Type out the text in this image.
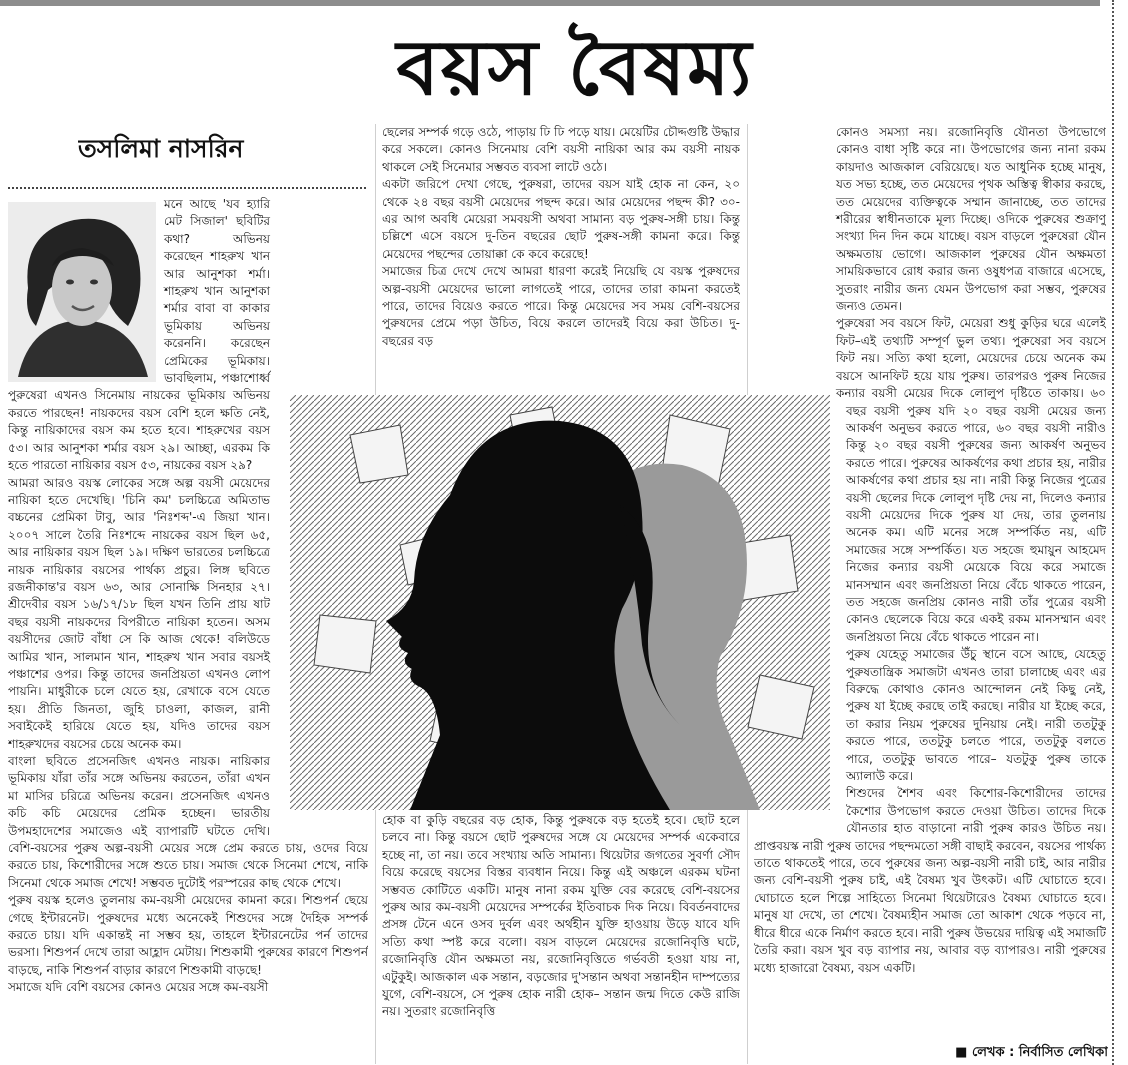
বয়স বৈষম্য
তসলিমা নাসরিন

মনে আছে 'যব হ্যারি মেট সিজাল' ছবিটির কথা? অভিনয় করেছেন শাহরুখ খান আর আনুশকা শর্মা। শাহরুখ খান আনুশকা শর্মার বাবা বা কাকার ভূমিকায় অভিনয় করেননি। করেছেন প্রেমিকের ভূমিকায়। ভাবছিলাম, পঞ্চাশোর্ধ্ব পুরুষেরা এখনও সিনেমায় নায়কের ভূমিকায় অভিনয় করতে পারছেন! নায়কদের বয়স বেশি হলে ক্ষতি নেই, কিন্তু নায়িকাদের বয়স কম হতে হবে। শাহরুখের বয়স ৫৩। আর আনুশকা শর্মার বয়স ২৯। আচ্ছা, এরকম কি হতে পারতো নায়িকার বয়স ৫৩, নায়কের বয়স ২৯?

আমরা আরও বয়স্ক লোকের সঙ্গে অল্প বয়সী মেয়েদের নায়িকা হতে দেখেছি। 'চিনি কম' চলচ্চিত্রে অমিতাভ বচ্চনের প্রেমিকা টাবু, আর 'নিঃশব্দ'-এ জিয়া খান। ২০০৭ সালে তৈরি নিঃশব্দে নায়কের বয়স ছিল ৬৫, আর নায়িকার বয়স ছিল ১৯। দক্ষিণ ভারতের চলচ্চিত্রে নায়ক নায়িকার বয়সের পার্থক্য প্রচুর। লিঙ্গ ছবিতে রজনীকান্ত'র বয়স ৬৩, আর সোনাক্ষি সিনহার ২৭। শ্রীদেবীর বয়স ১৬/১৭/১৮ ছিল যখন তিনি প্রায় ষাট বছর বয়সী নায়কদের বিপরীতে নায়িকা হতেন। অসম বয়সীদের জোট বাঁধা সে কি আজ থেকে! বলিউডে আমির খান, সালমান খান, শাহরুখ খান সবার বয়সই পঞ্চাশের ওপর। কিন্তু তাদের জনপ্রিয়তা এখনও লোপ পায়নি। মাধুরীকে চলে যেতে হয়, রেখাকে বসে যেতে হয়। প্রীতি জিনতা, জুহি চাওলা, কাজল, রানী সবাইকেই হারিয়ে যেতে হয়, যদিও তাদের বয়স শাহরুখদের বয়সের চেয়ে অনেক কম।

বাংলা ছবিতে প্রসেনজিৎ এখনও নায়ক। নায়িকার ভূমিকায় যাঁরা তাঁর সঙ্গে অভিনয় করতেন, তাঁরা এখন মা মাসির চরিত্রে অভিনয় করেন। প্রসেনজিৎ এখনও কচি কচি মেয়েদের প্রেমিক হচ্ছেন। ভারতীয় উপমহাদেশের সমাজেও এই ব্যাপারটি ঘটতে দেখি। বেশি-বয়সের পুরুষ অল্প-বয়সী মেয়ের সঙ্গে প্রেম করতে চায়, ওদের বিয়ে করতে চায়, কিশোরীদের সঙ্গে শুতে চায়। সমাজ থেকে সিনেমা শেখে, নাকি সিনেমা থেকে সমাজ শেখে! সম্ভবত দুটোই পরস্পরের কাছ থেকে শেখে।

পুরুষ বয়স্ক হলেও তুলনায় কম-বয়সী মেয়েদের কামনা করে। শিশুপর্ন ছেয়ে গেছে ইন্টারনেট। পুরুষদের মধ্যে অনেকেই শিশুদের সঙ্গে দৈহিক সম্পর্ক করতে চায়। যদি একান্তই না সম্ভব হয়, তাহলে ইন্টারনেটের পর্ন তাদের ভরসা। শিশুপর্ন দেখে তারা আহ্লাদ মেটায়। শিশুকামী পুরুষের কারণে শিশুপর্ন বাড়ছে, নাকি শিশুপর্ন বাড়ার কারণে শিশুকামী বাড়ছে!

সমাজে যদি বেশি বয়সের কোনও মেয়ের সঙ্গে কম-বয়সী

ছেলের সম্পর্ক গড়ে ওঠে, পাড়ায় ঢি ঢি পড়ে যায়। মেয়েটির চৌদ্দগুষ্টি উদ্ধার করে সকলে। কোনও সিনেমায় বেশি বয়সী নায়িকা আর কম বয়সী নায়ক থাকলে সেই সিনেমার সম্ভবত ব্যবসা লাটে ওঠে।

একটা জরিপে দেখা গেছে, পুরুষরা, তাদের বয়স যাই হোক না কেন, ২০ থেকে ২৪ বছর বয়সী মেয়েদের পছন্দ করে। আর মেয়েদের পছন্দ কী? ৩০-এর আগ অবধি মেয়েরা সমবয়সী অথবা সামান্য বড় পুরুষ-সঙ্গী চায়। কিন্তু চল্লিশে এসে বয়সে দু-তিন বছরের ছোট পুরুষ-সঙ্গী কামনা করে। কিন্তু মেয়েদের পছন্দের তোয়াক্কা কে কবে করেছে!

সমাজের চিত্র দেখে দেখে আমরা ধারণা করেই নিয়েছি যে বয়স্ক পুরুষদের অল্প-বয়সী মেয়েদের ভালো লাগতেই পারে, তাদের তারা কামনা করতেই পারে, তাদের বিয়েও করতে পারে। কিন্তু মেয়েদের সব সময় বেশি-বয়সের পুরুষদের প্রেমে পড়া উচিত, বিয়ে করলে তাদেরই বিয়ে করা উচিত। দু-বছরের বড়

হোক বা কুড়ি বছরের বড় হোক, কিন্তু পুরুষকে বড় হতেই হবে। ছোট হলে চলবে না। কিন্তু বয়সে ছোট পুরুষদের সঙ্গে যে মেয়েদের সম্পর্ক একেবারে হচ্ছে না, তা নয়। তবে সংখ্যায় অতি সামান্য। থিয়েটার জগতের সুবর্ণা সৌদ বিয়ে করেছে বয়সের বিস্তর ব্যবধান নিয়ে। কিন্তু এই অঞ্চলে এরকম ঘটনা সম্ভবত কোটিতে একটি। মানুষ নানা রকম যুক্তি বের করেছে বেশি-বয়সের পুরুষ আর কম-বয়সী মেয়েদের সম্পর্কের ইতিবাচক দিক নিয়ে। বিবর্তনবাদের প্রসঙ্গ টেনে এনে ওসব দুর্বল এবং অর্থহীন যুক্তি হাওয়ায় উড়ে যাবে যদি সত্যি কথা স্পষ্ট করে বলো। বয়স বাড়লে মেয়েদের রজোনিবৃত্তি ঘটে, রজোনিবৃত্তি যৌন অক্ষমতা নয়, রজোনিবৃত্তিতে গর্ভবতী হওয়া যায় না, এটুকুই। আজকাল এক সন্তান, বড়জোর দু'সন্তান অথবা সন্তানহীন দাম্পত্যের যুগে, বেশি-বয়সে, সে পুরুষ হোক নারী হোক– সন্তান জন্ম দিতে কেউ রাজি নয়। সুতরাং রজোনিবৃত্তি

কোনও সমস্যা নয়। রজোনিবৃত্তি যৌনতা উপভোগে কোনও বাধা সৃষ্টি করে না। উপভোগের জন্য নানা রকম কায়দাও আজকাল বেরিয়েছে। যত আধুনিক হচ্ছে মানুষ, যত সভ্য হচ্ছে, তত মেয়েদের পৃথক অস্তিত্ব স্বীকার করছে, তত মেয়েদের ব্যক্তিত্বকে সম্মান জানাচ্ছে, তত তাদের শরীরের স্বাধীনতাকে মূল্য দিচ্ছে। ওদিকে পুরুষের শুক্রাণু সংখ্যা দিন দিন কমে যাচ্ছে। বয়স বাড়লে পুরুষেরা যৌন অক্ষমতায় ভোগে। আজকাল পুরুষের যৌন অক্ষমতা সাময়িকভাবে রোধ করার জন্য ওষুধপত্র বাজারে এসেছে, সুতরাং নারীর জন্য যেমন উপভোগ করা সম্ভব, পুরুষের জন্যও তেমন।

পুরুষেরা সব বয়সে ফিট, মেয়েরা শুধু কুড়ির ঘরে এলেই ফিট–এই তথ্যটি সম্পূর্ণ ভুল তথ্য। পুরুষেরা সব বয়সে ফিট নয়। সত্যি কথা হলো, মেয়েদের চেয়ে অনেক কম বয়সে আনফিট হয়ে যায় পুরুষ। তারপরও পুরুষ নিজের কন্যার বয়সী মেয়ের দিকে লোলুপ দৃষ্টিতে তাকায়। ৬০ বছর বয়সী পুরুষ যদি ২০ বছর বয়সী মেয়ের জন্য আকর্ষণ অনুভব করতে পারে, ৬০ বছর বয়সী নারীও কিন্তু ২০ বছর বয়সী পুরুষের জন্য আকর্ষণ অনুভব করতে পারে। পুরুষের আকর্ষণের কথা প্রচার হয়, নারীর আকর্ষণের কথা প্রচার হয় না। নারী কিন্তু নিজের পুত্রের বয়সী ছেলের দিকে লোলুপ দৃষ্টি দেয় না, দিলেও কন্যার বয়সী মেয়েদের দিকে পুরুষ যা দেয়, তার তুলনায় অনেক কম। এটি মনের সঙ্গে সম্পর্কিত নয়, এটি সমাজের সঙ্গে সম্পর্কিত। যত সহজে হুমায়ুন আহমেদ নিজের কন্যার বয়সী মেয়েকে বিয়ে করে সমাজে মানসম্মান এবং জনপ্রিয়তা নিয়ে বেঁচে থাকতে পারেন, তত সহজে জনপ্রিয় কোনও নারী তাঁর পুত্রের বয়সী কোনও ছেলেকে বিয়ে করে একই রকম মানসম্মান এবং জনপ্রিয়তা নিয়ে বেঁচে থাকতে পারেন না।

পুরুষ যেহেতু সমাজের উঁচু স্থানে বসে আছে, যেহেতু পুরুষতান্ত্রিক সমাজটা এখনও তারা চালাচ্ছে এবং এর বিরুদ্ধে কোথাও কোনও আন্দোলন নেই কিছু নেই, পুরুষ যা ইচ্ছে করছে তাই করছে। নারীর যা ইচ্ছে করে, তা করার নিয়ম পুরুষের দুনিয়ায় নেই। নারী ততটুকু করতে পারে, ততটুকু চলতে পারে, ততটুকু বলতে পারে, ততটুকু ভাবতে পারে– যতটুকু পুরুষ তাকে অ্যালাউ করে।

শিশুদের শৈশব এবং কিশোর-কিশোরীদের তাদের কৈশোর উপভোগ করতে দেওয়া উচিত। তাদের দিকে যৌনতার হাত বাড়ানো নারী পুরুষ কারও উচিত নয়। প্রাপ্তবয়স্ক নারী পুরুষ তাদের পছন্দমতো সঙ্গী বাছাই করবেন, বয়সের পার্থক্য তাতে থাকতেই পারে, তবে পুরুষের জন্য অল্প-বয়সী নারী চাই, আর নারীর জন্য বেশি-বয়সী পুরুষ চাই, এই বৈষম্য খুব উৎকট। এটি ঘোচাতে হবে। ঘোচাতে হলে শিল্পে সাহিত্যে সিনেমা থিয়েটারেও বৈষম্য ঘোচাতে হবে। মানুষ যা দেখে, তা শেখে। বৈষম্যহীন সমাজ তো আকাশ থেকে পড়বে না, ধীরে ধীরে একে নির্মাণ করতে হবে। নারী পুরুষ উভয়ের দায়িত্ব এই সমাজটি তৈরি করা। বয়স খুব বড় ব্যাপার নয়, আবার বড় ব্যাপারও। নারী পুরুষের মধ্যে হাজারো বৈষম্য, বয়স একটি।

■ লেখক : নির্বাসিত লেখিকা
